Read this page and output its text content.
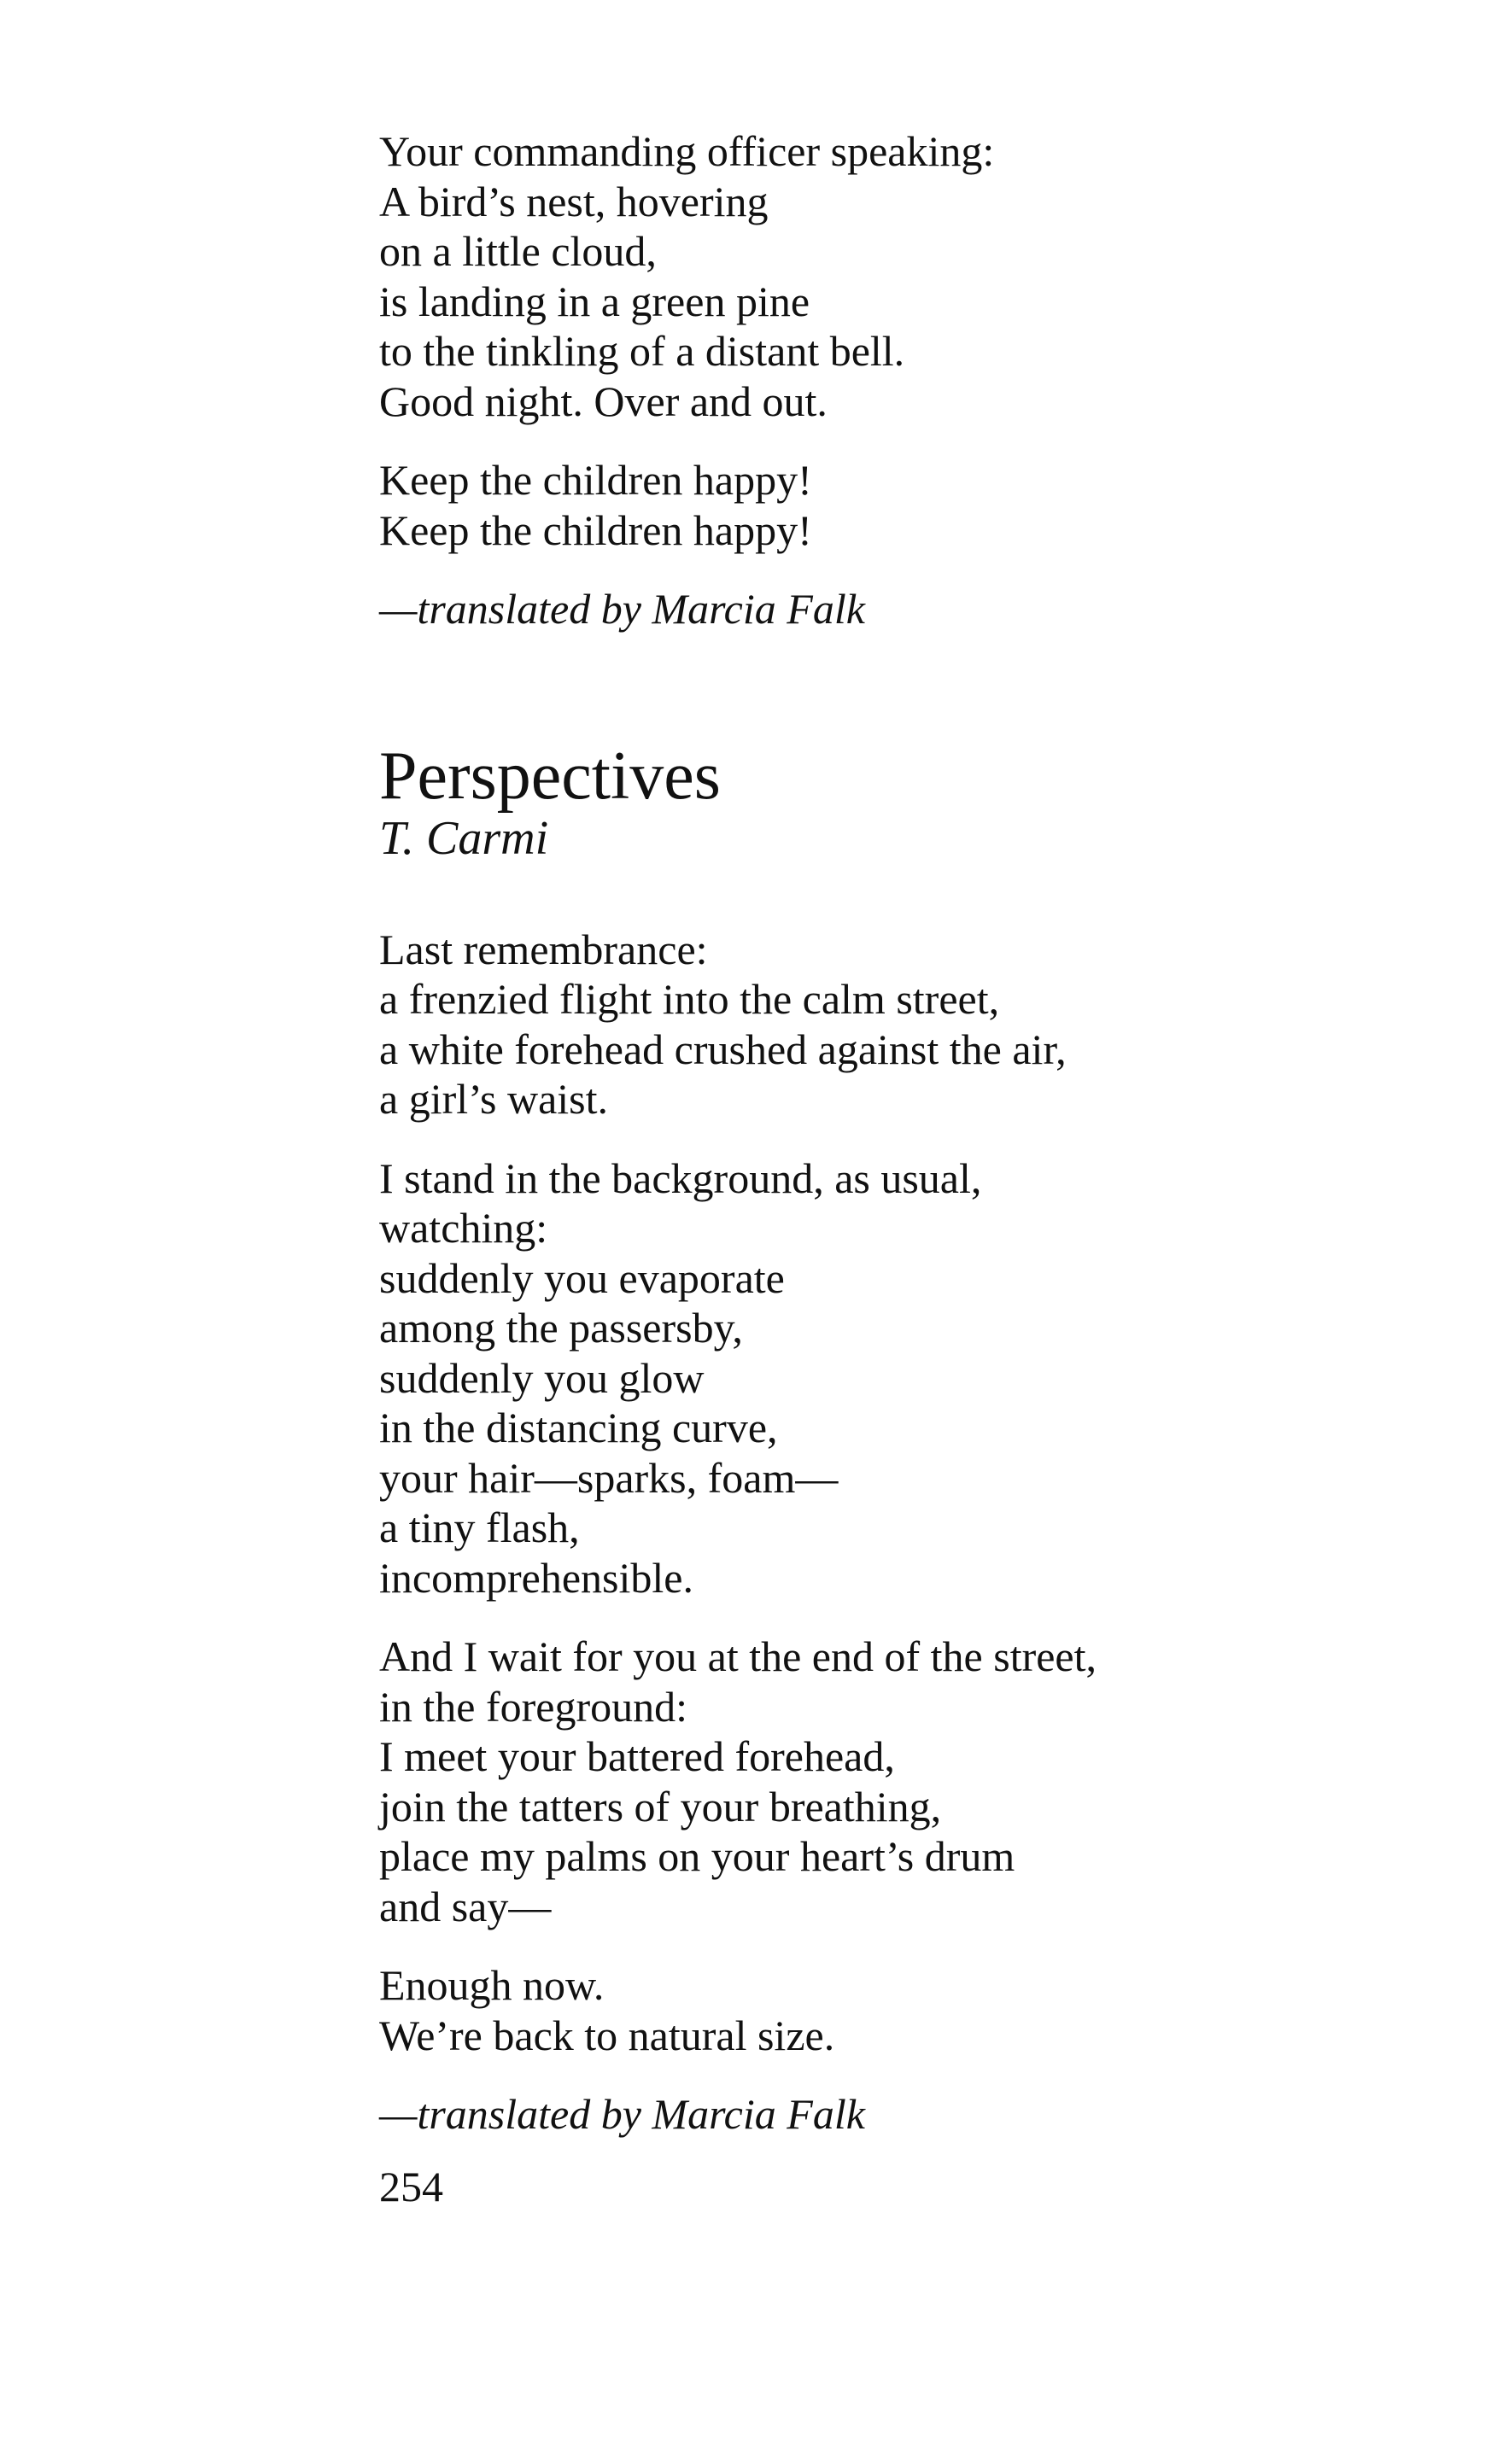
Your commanding officer speaking:
A bird’s nest, hovering
on a little cloud,
is landing in a green pine
to the tinkling of a distant bell.
Good night. Over and out.
Keep the children happy!
Keep the children happy!
—translated by Marcia Falk
Perspectives
T. Carmi
Last remembrance:
a frenzied flight into the calm street,
a white forehead crushed against the air,
a girl’s waist.
I stand in the background, as usual,
watching:
suddenly you evaporate
among the passersby,
suddenly you glow
in the distancing curve,
your hair—sparks, foam—
a tiny flash,
incomprehensible.
And I wait for you at the end of the street,
in the foreground:
I meet your battered forehead,
join the tatters of your breathing,
place my palms on your heart’s drum
and say—
Enough now.
We’re back to natural size.
—translated by Marcia Falk
254
